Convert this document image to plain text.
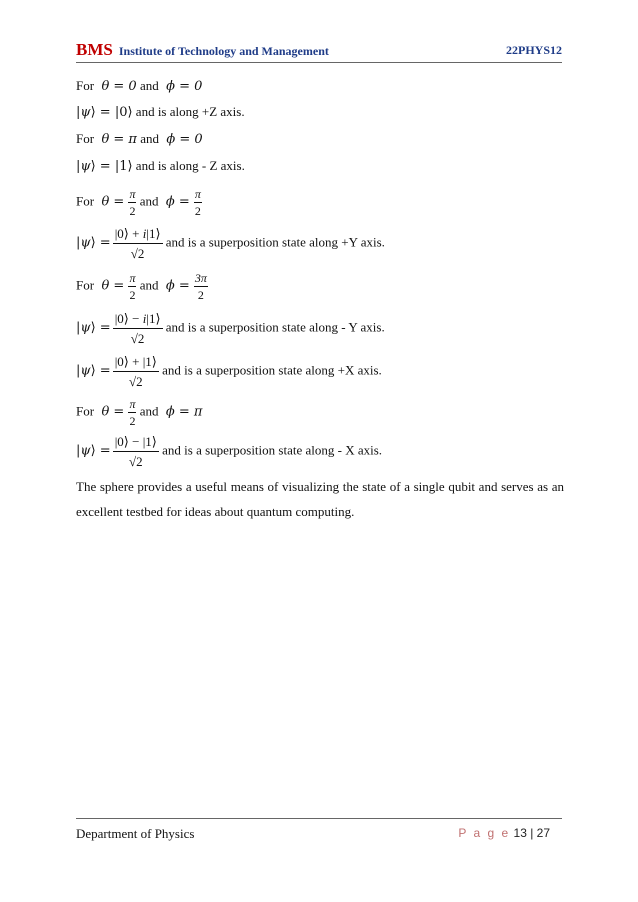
BMS Institute of Technology and Management	22PHYS12
For  θ = 0 and  ϕ = 0
|ψ⟩ = |0⟩ and is along +Z axis.
For  θ = π and  ϕ = 0
|ψ⟩ = |1⟩ and is along - Z axis.
For  $\theta = \frac{\pi}{2}$ and  $\phi = \frac{\pi}{2}$
|ψ⟩ = $\frac{|0⟩ + i|1⟩}{√2}$ and is a superposition state along +Y axis.
For  $\theta = \frac{\pi}{2}$ and  $\phi = \frac{3\pi}{2}$
|ψ⟩ = $\frac{|0⟩ - i|1⟩}{√2}$ and is a superposition state along - Y axis.
|ψ⟩ = $\frac{|0⟩ + |1⟩}{√2}$ and is a superposition state along +X axis.
For  $\theta = \frac{\pi}{2}$ and  ϕ = π
|ψ⟩ = $\frac{|0⟩ - |1⟩}{√2}$ and is a superposition state along - X axis.
The sphere provides a useful means of visualizing the state of a single qubit and serves as an excellent testbed for ideas about quantum computing.
Department of Physics	P a g e 13 | 27
